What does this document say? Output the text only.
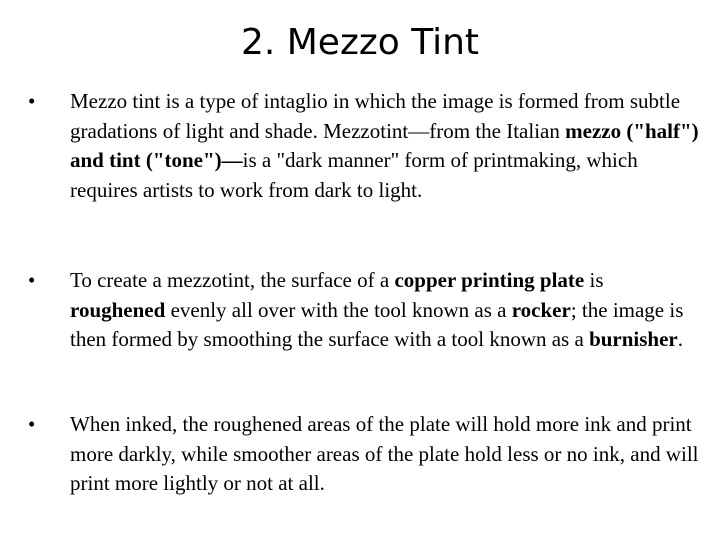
2. Mezzo Tint
•	Mezzo tint is a type of intaglio in which the image is formed from subtle gradations of light and shade. Mezzotint—from the Italian mezzo ("half") and tint ("tone")—is a "dark manner" form of printmaking, which requires artists to work from dark to light.
•	To create a mezzotint, the surface of a copper printing plate is roughened evenly all over with the tool known as a rocker; the image is then formed by smoothing the surface with a tool known as a burnisher.
•	When inked, the roughened areas of the plate will hold more ink and print more darkly, while smoother areas of the plate hold less or no ink, and will print more lightly or not at all.
